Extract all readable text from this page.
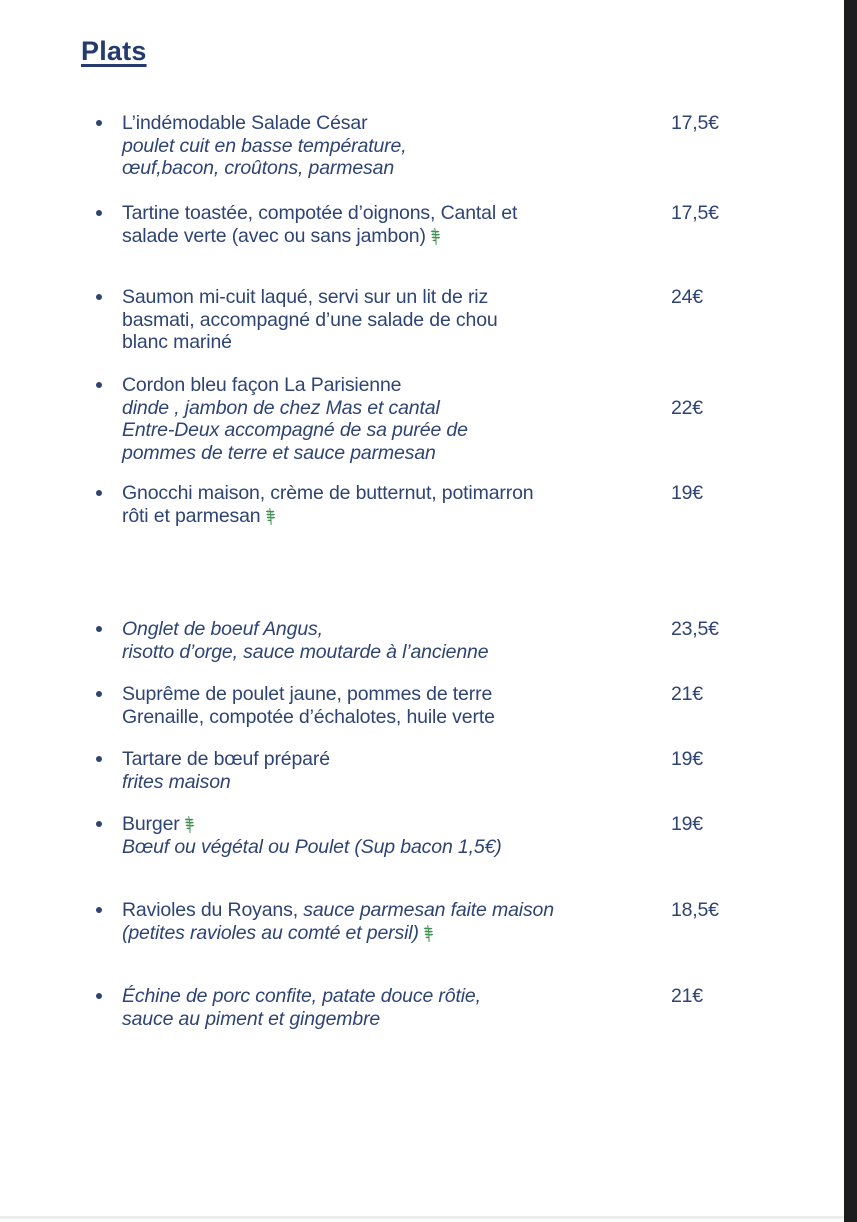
Plats
L’indémodable Salade César
poulet cuit en basse température,
œuf,bacon, croûtons, parmesan
17,5€
Tartine toastée, compotée d’oignons, Cantal et
salade verte (avec ou sans jambon)
17,5€
Saumon mi-cuit laqué, servi sur un lit de riz
basmati, accompagné d’une salade de chou
blanc mariné
24€
Cordon bleu façon La Parisienne
dinde , jambon de chez Mas et cantal
Entre-Deux accompagné de sa purée de
pommes de terre et sauce parmesan
22€
Gnocchi maison, crème de butternut, potimarron
rôti et parmesan
19€
Onglet de boeuf Angus,
risotto d’orge, sauce moutarde à l’ancienne
23,5€
Suprême de poulet jaune, pommes de terre
Grenaille, compotée d’échalotes, huile verte
21€
Tartare de bœuf préparé
frites maison
19€
Burger
Bœuf ou végétal ou Poulet (Sup bacon 1,5€)
19€
Ravioles du Royans, sauce parmesan faite maison
(petites ravioles au comté et persil)
18,5€
Échine de porc confite, patate douce rôtie,
sauce au piment et gingembre
21€
